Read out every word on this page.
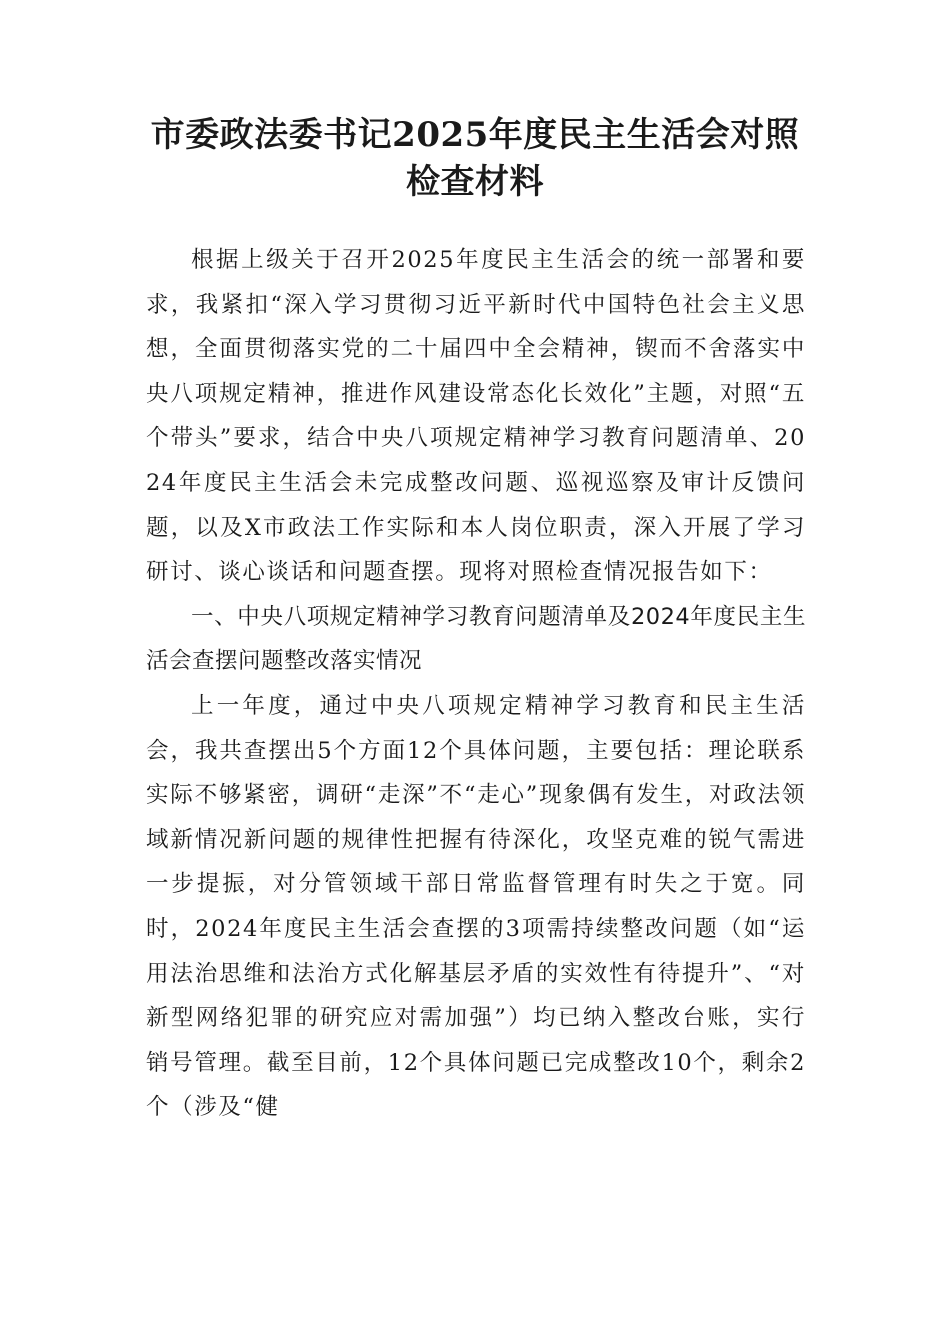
市委政法委书记2025年度民主生活会对照检查材料

根据上级关于召开2025年度民主生活会的统一部署和要求，我紧扣“深入学习贯彻习近平新时代中国特色社会主义思想，全面贯彻落实党的二十届四中全会精神，锲而不舍落实中央八项规定精神，推进作风建设常态化长效化”主题，对照“五个带头”要求，结合中央八项规定精神学习教育问题清单、2024年度民主生活会未完成整改问题、巡视巡察及审计反馈问题，以及X市政法工作实际和本人岗位职责，深入开展了学习研讨、谈心谈话和问题查摆。现将对照检查情况报告如下：

一、中央八项规定精神学习教育问题清单及2024年度民主生活会查摆问题整改落实情况

上一年度，通过中央八项规定精神学习教育和民主生活会，我共查摆出5个方面12个具体问题，主要包括：理论联系实际不够紧密，调研“走深”不“走心”现象偶有发生，对政法领域新情况新问题的规律性把握有待深化，攻坚克难的锐气需进一步提振，对分管领域干部日常监督管理有时失之于宽。同时，2024年度民主生活会查摆的3项需持续整改问题（如“运用法治思维和法治方式化解基层矛盾的实效性有待提升”、“对新型网络犯罪的研究应对需加强”）均已纳入整改台账，实行销号管理。截至目前，12个具体问题已完成整改10个，剩余2个（涉及“健
